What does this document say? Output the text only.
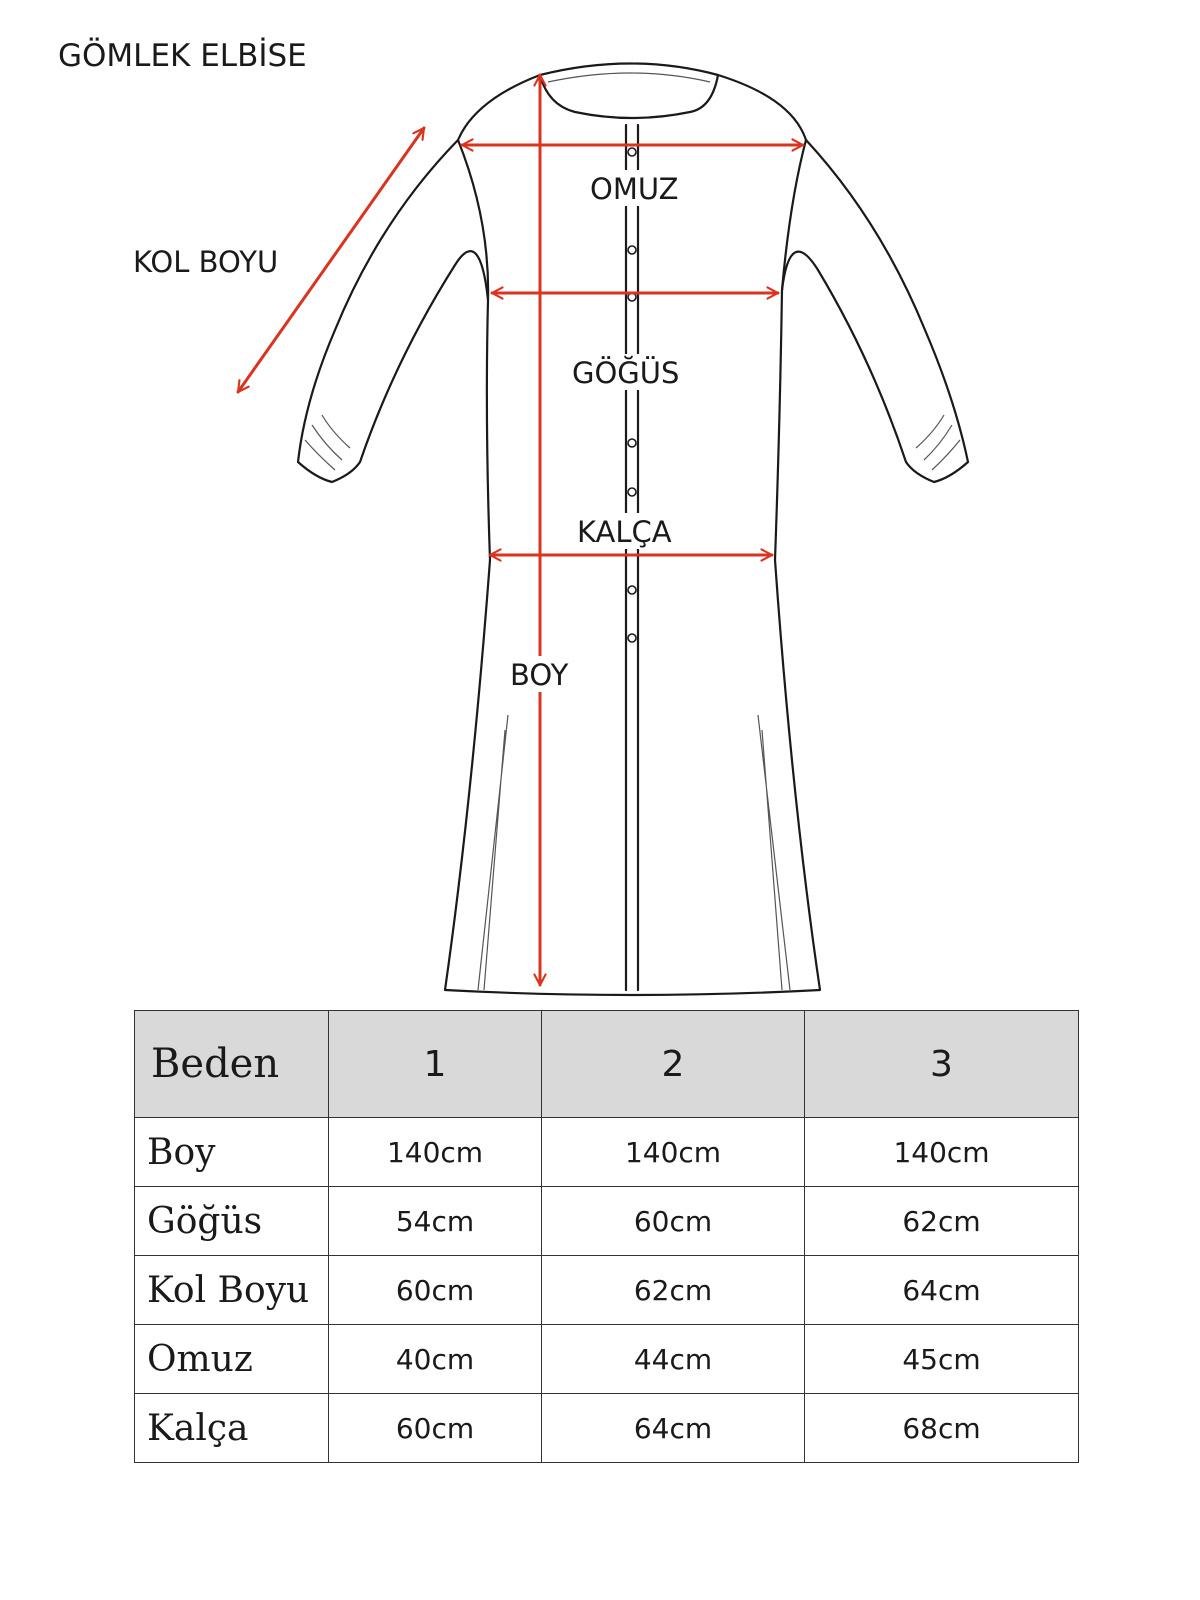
GÖMLEK ELBİSE
KOL BOYU
OMUZ
GÖĞÜS
KALÇA
BOY
Beden	1	2	3
Boy	140cm	140cm	140cm
Göğüs	54cm	60cm	62cm
Kol Boyu	60cm	62cm	64cm
Omuz	40cm	44cm	45cm
Kalça	60cm	64cm	68cm
